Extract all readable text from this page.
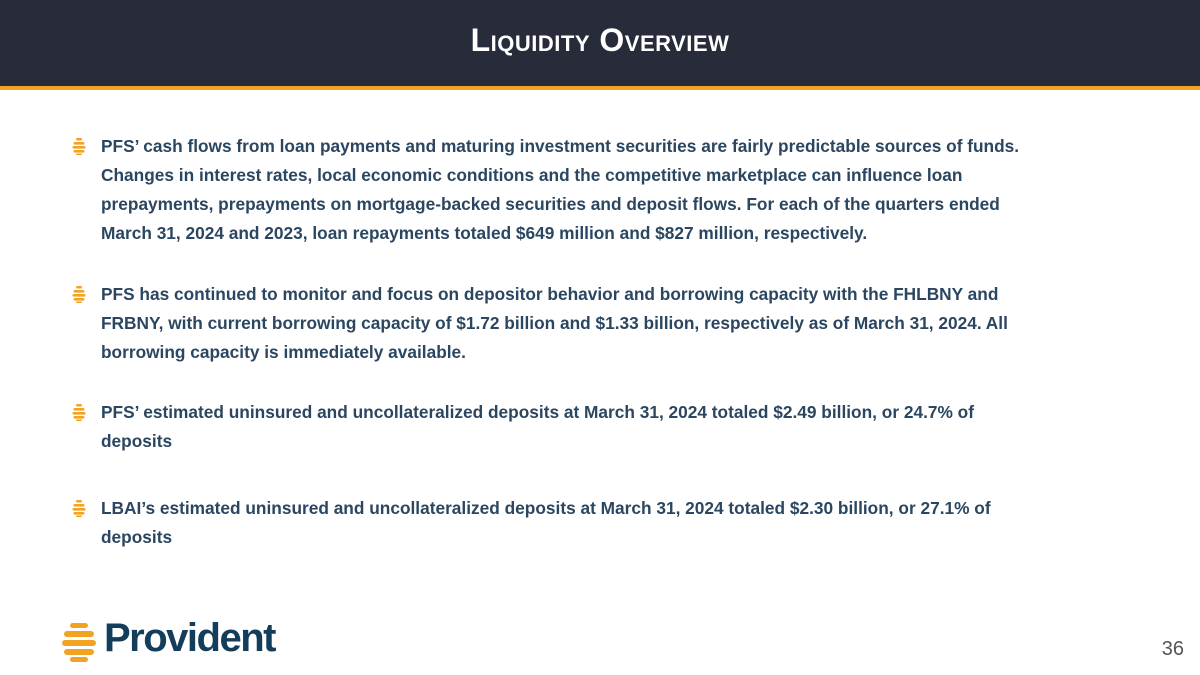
Liquidity Overview
PFS’ cash flows from loan payments and maturing investment securities are fairly predictable sources of funds.
Changes in interest rates, local economic conditions and the competitive marketplace can influence loan
prepayments, prepayments on mortgage-backed securities and deposit flows. For each of the quarters ended
March 31, 2024 and 2023, loan repayments totaled $649 million and $827 million, respectively.
PFS has continued to monitor and focus on depositor behavior and borrowing capacity with the FHLBNY and
FRBNY, with current borrowing capacity of $1.72 billion and $1.33 billion, respectively as of March 31, 2024. All
borrowing capacity is immediately available.
PFS’ estimated uninsured and uncollateralized deposits at March 31, 2024 totaled $2.49 billion, or 24.7% of
deposits
LBAI’s estimated uninsured and uncollateralized deposits at March 31, 2024 totaled $2.30 billion, or 27.1% of
deposits
Provident	36
